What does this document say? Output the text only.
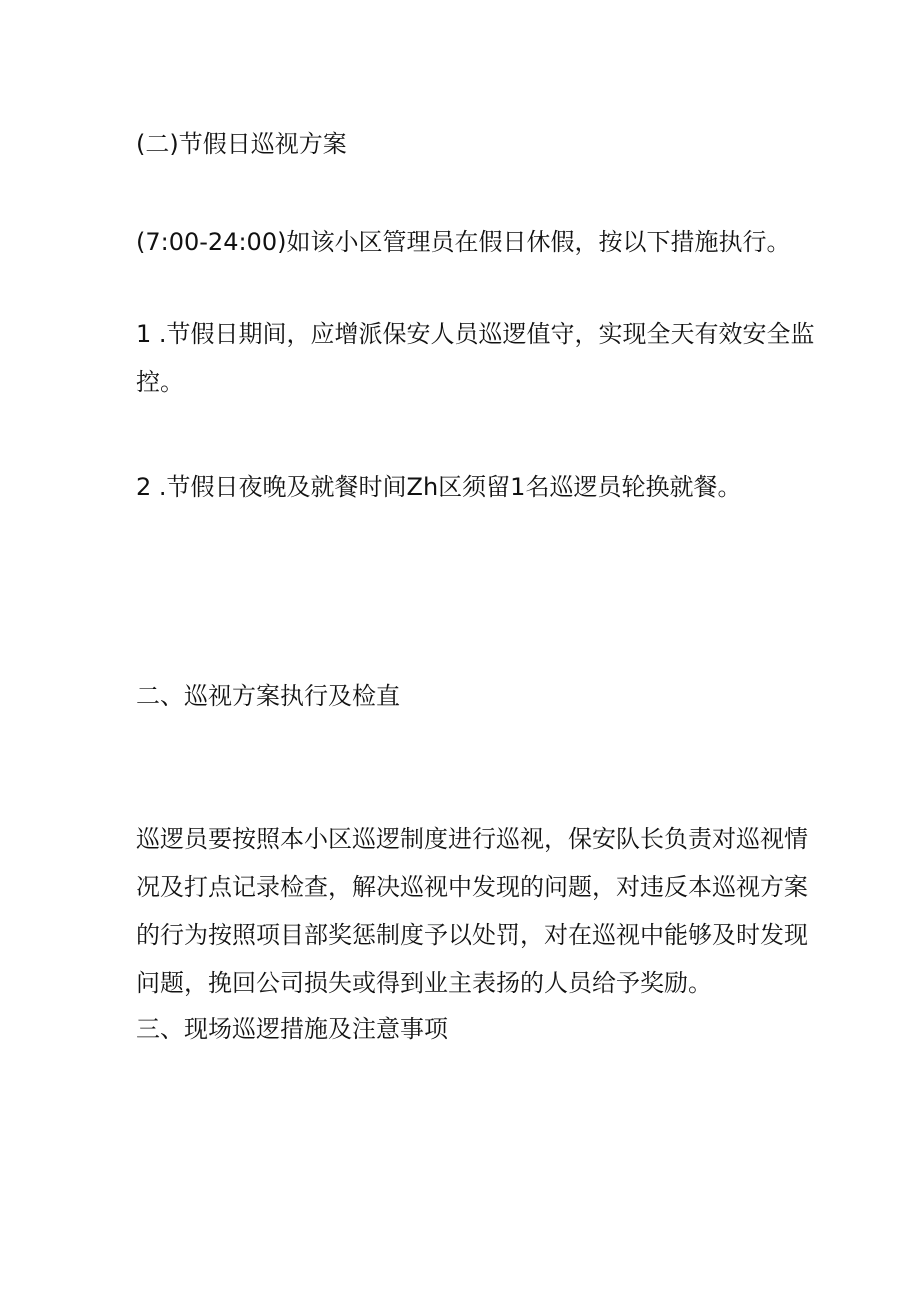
(二)节假日巡视方案
(7:00-24:00)如该小区管理员在假日休假，按以下措施执行。
1 .节假日期间，应增派保安人员巡逻值守，实现全天有效安全监
控。
2 .节假日夜晚及就餐时间Zh区须留1名巡逻员轮换就餐。
二、巡视方案执行及检直
巡逻员要按照本小区巡逻制度进行巡视，保安队长负责对巡视情
况及打点记录检查，解决巡视中发现的问题，对违反本巡视方案
的行为按照项目部奖惩制度予以处罚，对在巡视中能够及时发现
问题，挽回公司损失或得到业主表扬的人员给予奖励。
三、现场巡逻措施及注意事项
